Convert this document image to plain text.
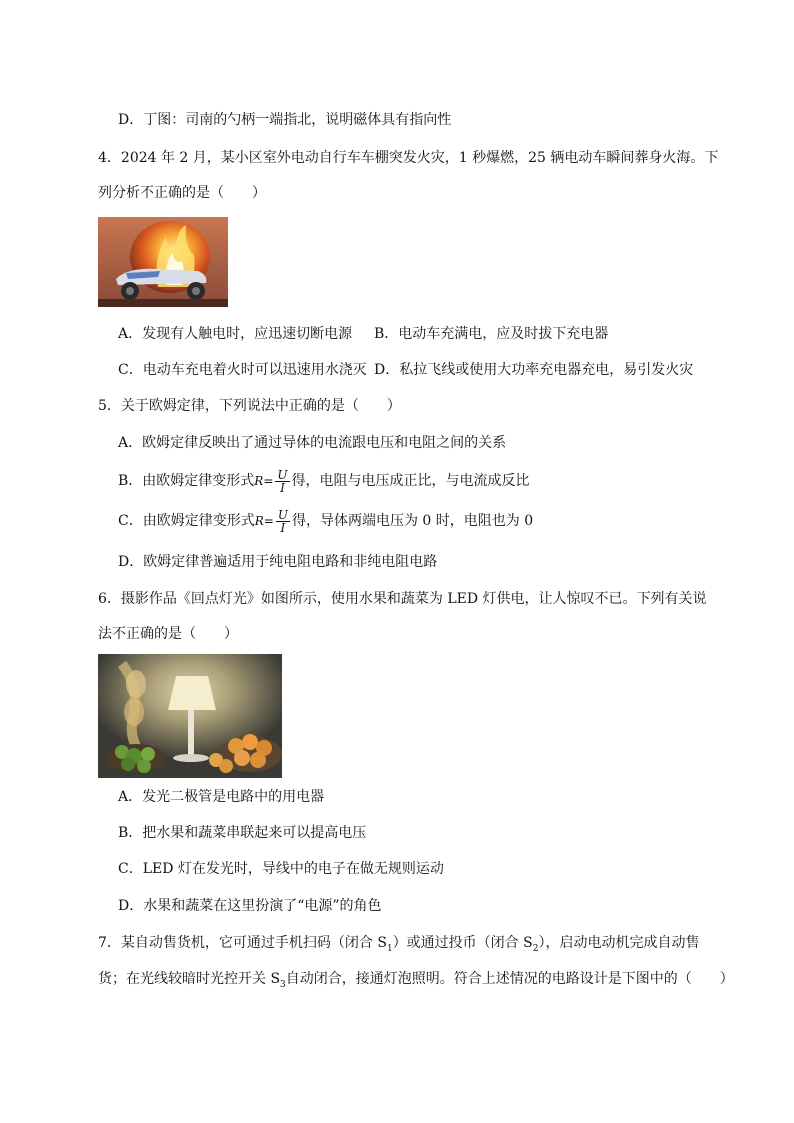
D．丁图：司南的勺柄一端指北，说明磁体具有指向性
4．2024 年 2 月，某小区室外电动自行车车棚突发火灾，1 秒爆燃，25 辆电动车瞬间葬身火海。下
列分析不正确的是（　　）
A．发现有人触电时，应迅速切断电源 B．电动车充满电，应及时拔下充电器
C．电动车充电着火时可以迅速用水浇灭 D．私拉飞线或使用大功率充电器充电，易引发火灾
5．关于欧姆定律，下列说法中正确的是（　　）
A．欧姆定律反映出了通过导体的电流跟电压和电阻之间的关系
B．由欧姆定律变形式$R= \frac{U}{I}$ 得，电阻与电压成正比，与电流成反比
C．由欧姆定律变形式$R= \frac{U}{I}$ 得，导体两端电压为 0 时，电阻也为 0
D．欧姆定律普遍适用于纯电阻电路和非纯电阻电路
6．摄影作品《回点灯光》如图所示，使用水果和蔬菜为 LED 灯供电，让人惊叹不已。下列有关说
法不正确的是（　　）
A．发光二极管是电路中的用电器
B．把水果和蔬菜串联起来可以提高电压
C．LED 灯在发光时，导线中的电子在做无规则运动
D．水果和蔬菜在这里扮演了“电源”的角色
7．某自动售货机，它可通过手机扫码（闭合 $S_1$）或通过投币（闭合 $S_2$），启动电动机完成自动售
货；在光线较暗时光控开关 $S_3$自动闭合，接通灯泡照明。符合上述情况的电路设计是下图中的（　　）
